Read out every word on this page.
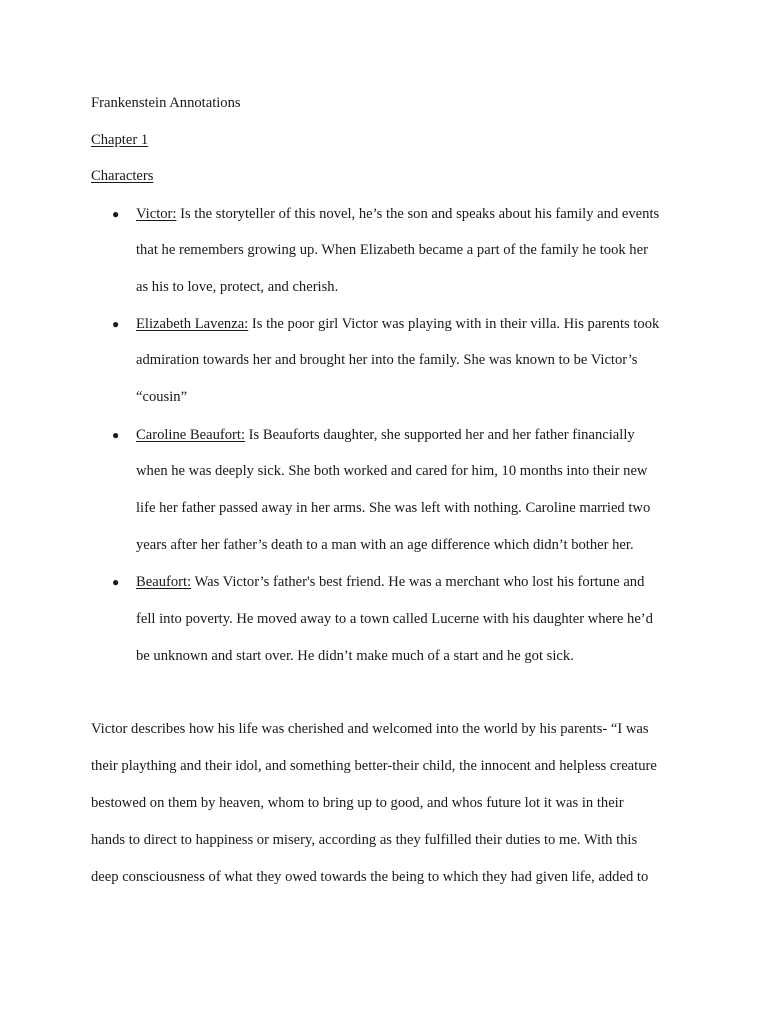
Frankenstein Annotations
Chapter 1
Characters
● Victor: Is the storyteller of this novel, he’s the son and speaks about his family and events
that he remembers growing up. When Elizabeth became a part of the family he took her
as his to love, protect, and cherish.
● Elizabeth Lavenza: Is the poor girl Victor was playing with in their villa. His parents took
admiration towards her and brought her into the family. She was known to be Victor’s
“cousin”
● Caroline Beaufort: Is Beauforts daughter, she supported her and her father financially
when he was deeply sick. She both worked and cared for him, 10 months into their new
life her father passed away in her arms. She was left with nothing. Caroline married two
years after her father’s death to a man with an age difference which didn’t bother her.
● Beaufort: Was Victor’s father's best friend. He was a merchant who lost his fortune and
fell into poverty. He moved away to a town called Lucerne with his daughter where he’d
be unknown and start over. He didn’t make much of a start and he got sick.
Victor describes how his life was cherished and welcomed into the world by his parents- “I was
their plaything and their idol, and something better-their child, the innocent and helpless creature
bestowed on them by heaven, whom to bring up to good, and whos future lot it was in their
hands to direct to happiness or misery, according as they fulfilled their duties to me. With this
deep consciousness of what they owed towards the being to which they had given life, added to
